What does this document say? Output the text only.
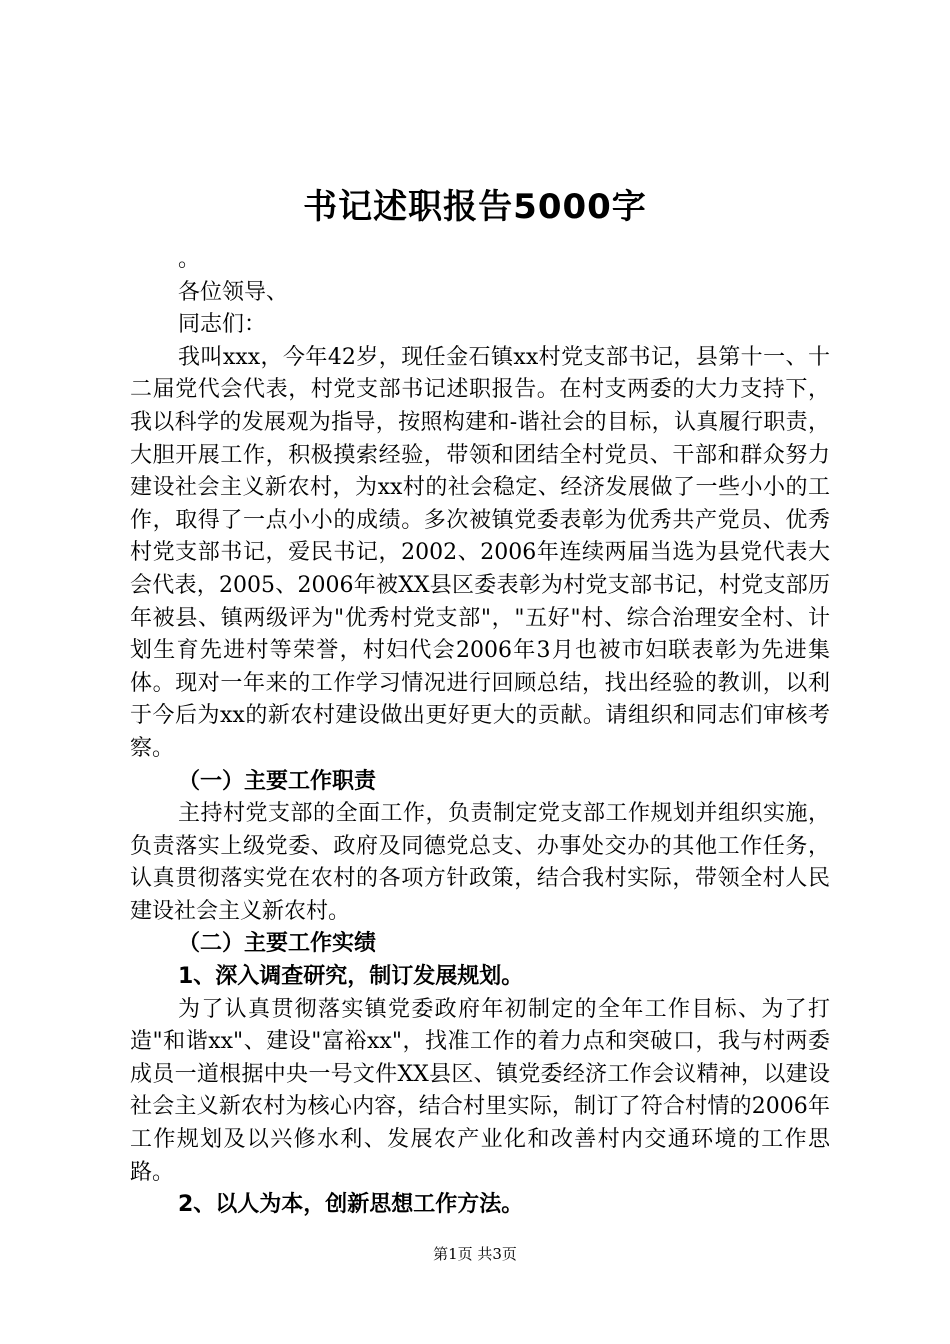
书记述职报告5000字

。

各位领导、

同志们：

我叫xxx，今年42岁，现任金石镇xx村党支部书记，县第十一、十二届党代会代表，村党支部书记述职报告。在村支两委的大力支持下，我以科学的发展观为指导，按照构建和-谐社会的目标，认真履行职责，大胆开展工作，积极摸索经验，带领和团结全村党员、干部和群众努力建设社会主义新农村，为xx村的社会稳定、经济发展做了一些小小的工作，取得了一点小小的成绩。多次被镇党委表彰为优秀共产党员、优秀村党支部书记，爱民书记，2002、2006年连续两届当选为县党代表大会代表，2005、2006年被XX县区委表彰为村党支部书记，村党支部历年被县、镇两级评为"优秀村党支部"，"五好"村、综合治理安全村、计划生育先进村等荣誉，村妇代会2006年3月也被市妇联表彰为先进集体。现对一年来的工作学习情况进行回顾总结，找出经验的教训，以利于今后为xx的新农村建设做出更好更大的贡献。请组织和同志们审核考察。

（一）主要工作职责

主持村党支部的全面工作，负责制定党支部工作规划并组织实施，负责落实上级党委、政府及同德党总支、办事处交办的其他工作任务，认真贯彻落实党在农村的各项方针政策，结合我村实际，带领全村人民建设社会主义新农村。

（二）主要工作实绩

1、深入调查研究，制订发展规划。

为了认真贯彻落实镇党委政府年初制定的全年工作目标、为了打造"和谐xx"、建设"富裕xx"，找准工作的着力点和突破口，我与村两委成员一道根据中央一号文件XX县区、镇党委经济工作会议精神，以建设社会主义新农村为核心内容，结合村里实际，制订了符合村情的2006年工作规划及以兴修水利、发展农产业化和改善村内交通环境的工作思路。

2、以人为本，创新思想工作方法。

第1页 共3页
